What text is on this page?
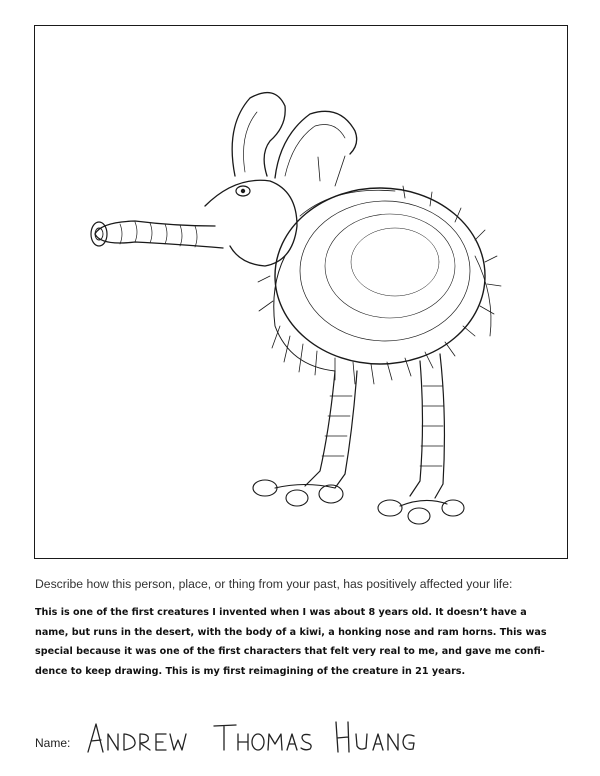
Describe how this person, place, or thing from your past, has positively affected your life:
This is one of the first creatures I invented when I was about 8 years old. It doesn’t have a
name, but runs in the desert, with the body of a kiwi, a honking nose and ram horns. This was
special because it was one of the first characters that felt very real to me, and gave me confi-
dence to keep drawing. This is my first reimagining of the creature in 21 years.
Name:
